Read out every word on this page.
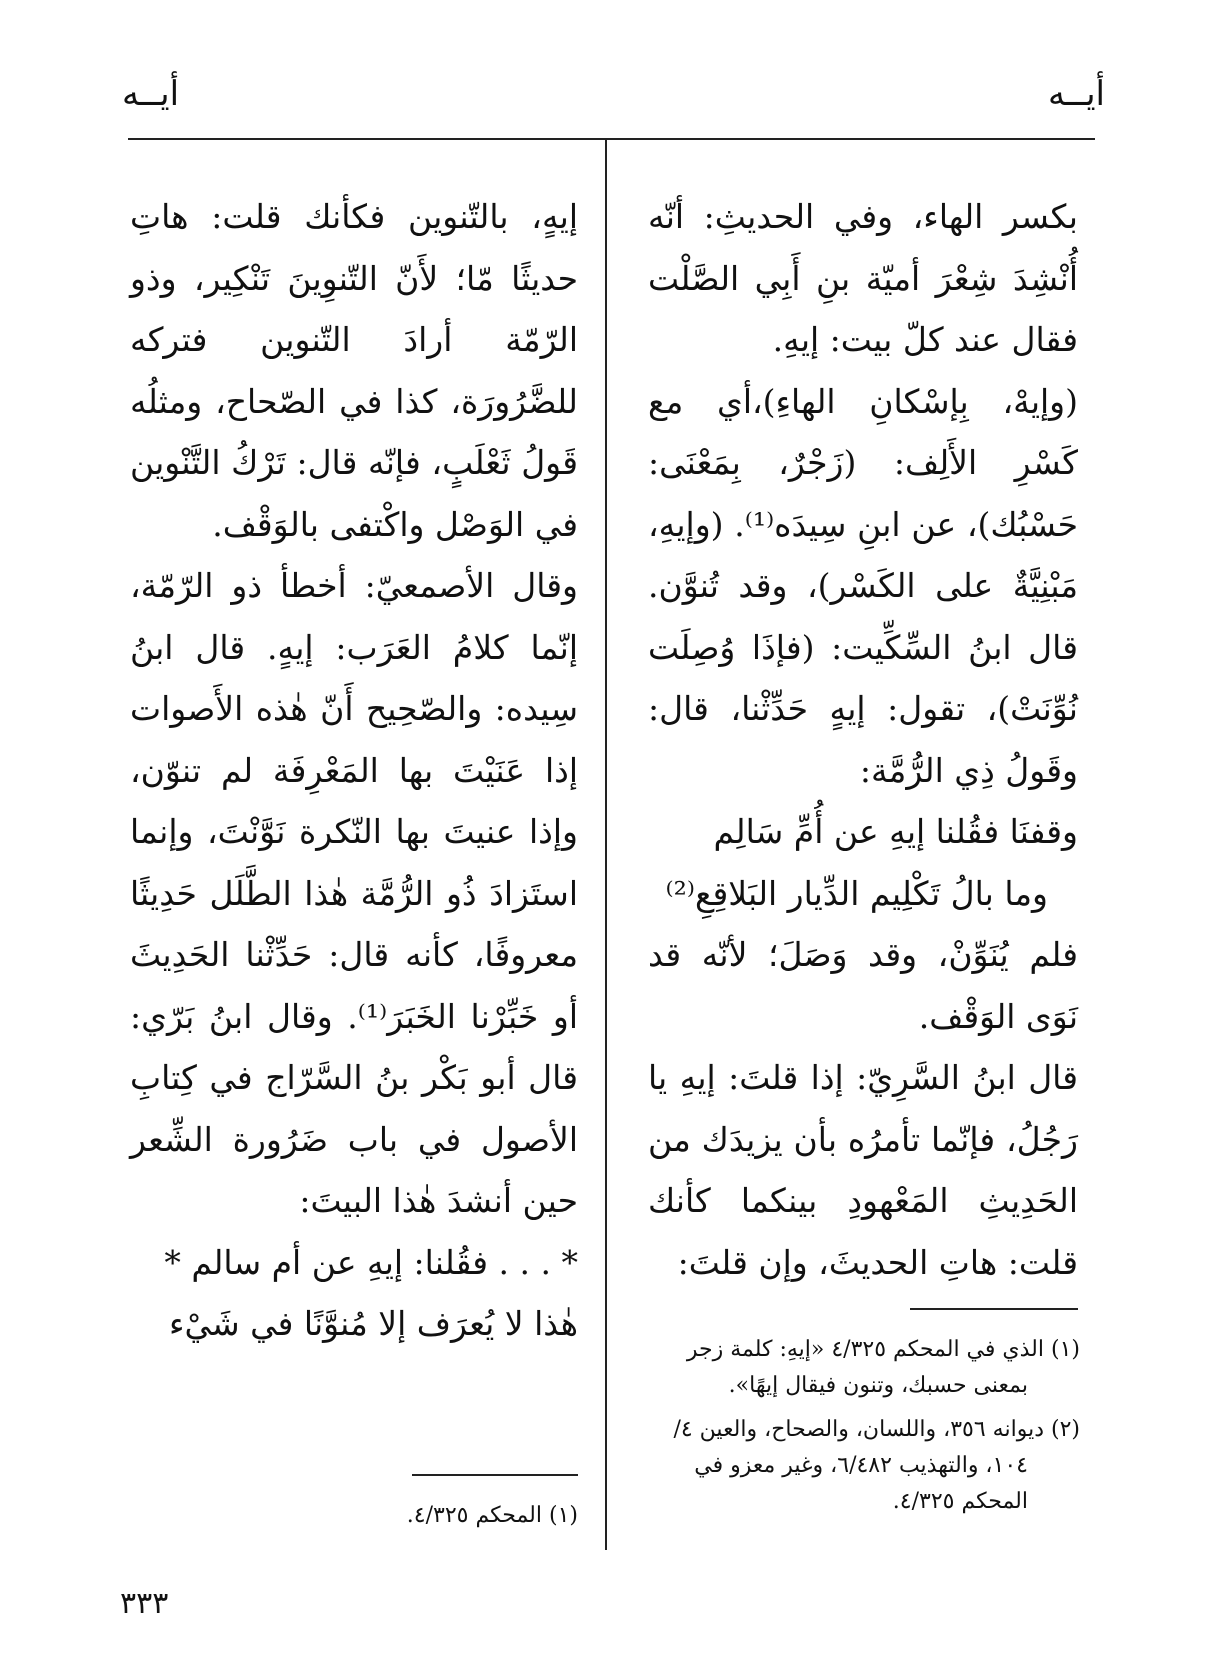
أيــه
أيــه

بكسر الهاء، وفي الحديثِ: أنّه أُنْشِدَ شِعْرَ أميّة بنِ أَبِي الصَّلْت فقال عند كلّ بيت: إيهِ.

(وإيهْ، بِإسْكانِ الهاءِ)،أي مع كَسْرِ الأَلِف: (زَجْرٌ، بِمَعْنَى: حَسْبُك)، عن ابنِ سِيدَه⁽¹⁾. (وإيهِ، مَبْنِيَّةٌ على الكَسْر)، وقد تُنوَّن. قال ابنُ السِّكِّيت: (فإذَا وُصِلَت نُوِّنَتْ)، تقول: إيهٍ حَدِّثْنا، قال: وقَولُ ذِي الرُّمَّة:

وقفنَا فقُلنا إيهِ عن أُمِّ سَالِم

وما بالُ تَكْلِيم الدِّيار البَلاقِعِ⁽²⁾

فلم يُنَوِّنْ، وقد وَصَلَ؛ لأنّه قد نَوَى الوَقْف.

قال ابنُ السَّرِيّ: إذا قلتَ: إيهِ يا رَجُلُ، فإنّما تأمرُه بأن يزيدَك من الحَدِيثِ المَعْهودِ بينكما كأنك قلت: هاتِ الحديثَ، وإن قلتَ:

إيهٍ، بالتّنوين فكأنك قلت: هاتِ حديثًا مّا؛ لأَنّ التّنوِينَ تَنْكِير، وذو الرّمّة أرادَ التّنوين فتركه للضَّرُورَة، كذا في الصّحاح، ومثلُه قَولُ ثَعْلَبٍ، فإنّه قال: تَرْكُ التَّنْوين في الوَصْل واكْتفى بالوَقْف.

وقال الأصمعيّ: أخطأ ذو الرّمّة، إنّما كلامُ العَرَب: إيهٍ. قال ابنُ سِيده: والصّحِيح أَنّ هٰذه الأَصوات إذا عَنَيْتَ بها المَعْرِفَة لم تنوّن، وإذا عنيتَ بها النّكرة نَوَّنْتَ، وإنما استَزادَ ذُو الرُّمَّة هٰذا الطَّلَل حَدِيثًا معروفًا، كأنه قال: حَدِّثْنا الحَدِيثَ أو خَبِّرْنا الخَبَرَ⁽¹⁾. وقال ابنُ بَرّي: قال أبو بَكْر بنُ السَّرّاج في كِتابِ الأصول في باب ضَرُورة الشِّعر حين أنشدَ هٰذا البيتَ:

* . . . فقُلنا: إيهِ عن أم سالم *

هٰذا لا يُعرَف إلا مُنوَّنًا في شَيْء

(١) الذي في المحكم ٤/٣٢٥ «إيهِ: كلمة زجر

بمعنى حسبك، وتنون فيقال إيهًا».

(٢) ديوانه ٣٥٦، واللسان، والصحاح، والعين ٤/

١٠٤، والتهذيب ٦/٤٨٢، وغير معزو في

المحكم ٤/٣٢٥.

(١) المحكم ٤/٣٢٥.

٣٣٣
